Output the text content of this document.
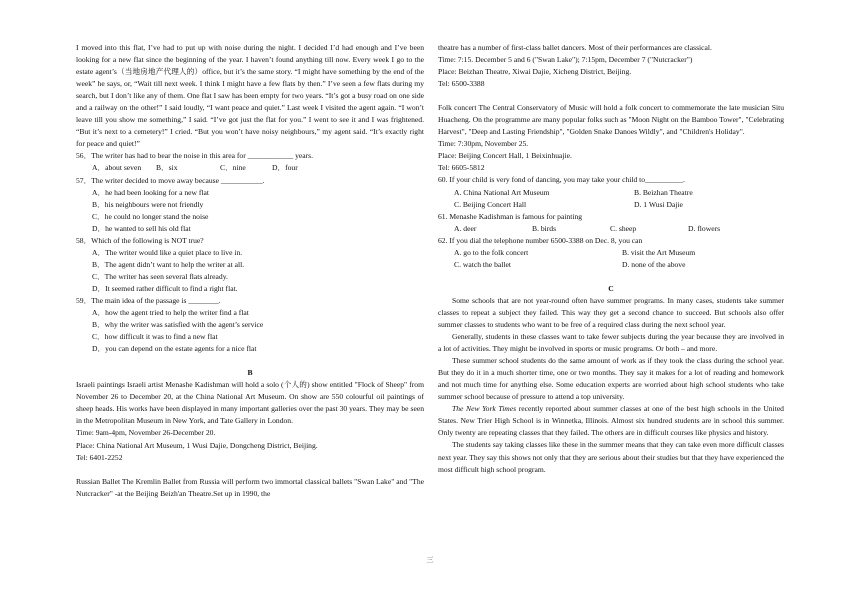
I moved into this flat, I’ve had to put up with noise during the night. I decided I’d had enough and I’ve been looking for a new flat since the beginning of the year. I haven’t found anything till now. Every week I go to the estate agent’s（当地房地产代理人的）office, but it’s the same story. “I might have something by the end of the week” he says, or, “Wait till next week. I think I might have a few flats by then.” I’ve seen a few flats during my search, but I don’t like any of them. One flat I saw has been empty for two years. “It’s got a busy road on one side and a railway on the other!” I said loudly, “I want peace and quiet.” Last week I visited the agent again. “I won’t leave till you show me something,” I said. “I’ve got just the flat for you.” I went to see it and I was frightened. “But it’s next to a cemetery!” I cried. “But you won’t have noisy neighbours,” my agent said. “It’s exactly right for peace and quiet!”

56．The writer has had to bear the noise in this area for ____________ years.

A．about seven	B．six	C．nine	D．four

57．The writer decided to move away because ___________.

A．he had been looking for a new flat

B．his neighbours were not friendly

C．he could no longer stand the noise

D．he wanted to sell his old flat

58．Which of the following is NOT true?

A．The writer would like a quiet place to live in.

B．The agent didn’t want to help the writer at all.

C．The writer has seen several flats already.

D．It seemed rather difficult to find a right flat.

59．The main idea of the passage is ________.

A．how the agent tried to help the writer find a flat

B．why the writer was satisfied with the agent’s service

C．how difficult it was to find a new flat

D．you can depend on the estate agents for a nice flat

B

Israeli paintings Israeli artist Menashe Kadishman will hold a solo (个人的) show entitled "Flock of Sheep" from November 26 to December 20, at the China National Art Museum. On show are 550 colourful oil paintings of sheep heads. His works have been displayed in many important galleries over the past 30 years. They may be seen in the Metropolitan Museum in New York, and Tate Gallery in London.

Time: 9am-4pm, November 26-December 20.

Place: China National Art Museum, 1 Wusi Dajie, Dongcheng District, Beijing.

Tel: 6401-2252

Russian Ballet The Kremlin Ballet from Russia will perform two immortal classical ballets "Swan Lake" and "The Nutcracker" -at the Beijing Beizh'an Theatre.Set up in 1990, the

theatre has a number of first-class ballet dancers. Most of their performances are classical.

Time: 7:15. December 5 and 6 ("Swan Lake"); 7:15pm, December 7 ("Nutcracker")

Place: Beizhan Theatre, Xiwai Dajie, Xicheng District, Beijing.

Tel: 6500-3388

Folk concert The Central Conservatory of Music will hold a folk concert to commemorate the late musician Situ Huacheng. On the programme are many popular folks such as "Moon Night on the Bamboo Tower", "Celebrating Harvest", "Deep and Lasting Friendship", "Golden Snake Danoes Wildly", and "Children's Holiday".

Time: 7:30pm, November 25.

Place: Beijing Concert Hall, 1 Beixinhuajie.

Tel: 6605-5812

60. If your child is very fond of dancing, you may take your child to__________.

A. China National Art Museum	B. Beizhan Theatre
C. Beijing Concert Hall	D. 1 Wusi Dajie

61. Menashe Kadishman is famous for painting

A. deer	B. birds	C. sheep	D. flowers

62. If you dial the telephone number 6500-3388 on Dec. 8, you can

A. go to the folk concert	B. visit the Art Museum
C. watch the ballet	D. none of the above

C

Some schools that are not year-round often have summer programs. In many cases, students take summer classes to repeat a subject they failed. This way they get a second chance to succeed. But schools also offer summer classes to students who want to be free of a required class during the next school year.

Generally, students in these classes want to take fewer subjects during the year because they are involved in a lot of activities. They might be involved in sports or music programs. Or both – and more.

These summer school students do the same amount of work as if they took the class during the school year. But they do it in a much shorter time, one or two months. They say it makes for a lot of reading and homework and not much time for anything else. Some education experts are worried about high school students who take summer school because of pressure to attend a top university.

The New York Times recently reported about summer classes at one of the best high schools in the United States. New Trier High School is in Winnetka, Illinois. Almost six hundred students are in school this summer. Only twenty are repeating classes that they failed. The others are in difficult courses like physics and history.

The students say taking classes like these in the summer means that they can take even more difficult classes next year. They say this shows not only that they are serious about their studies but that they have experienced the most difficult high school program.

三
